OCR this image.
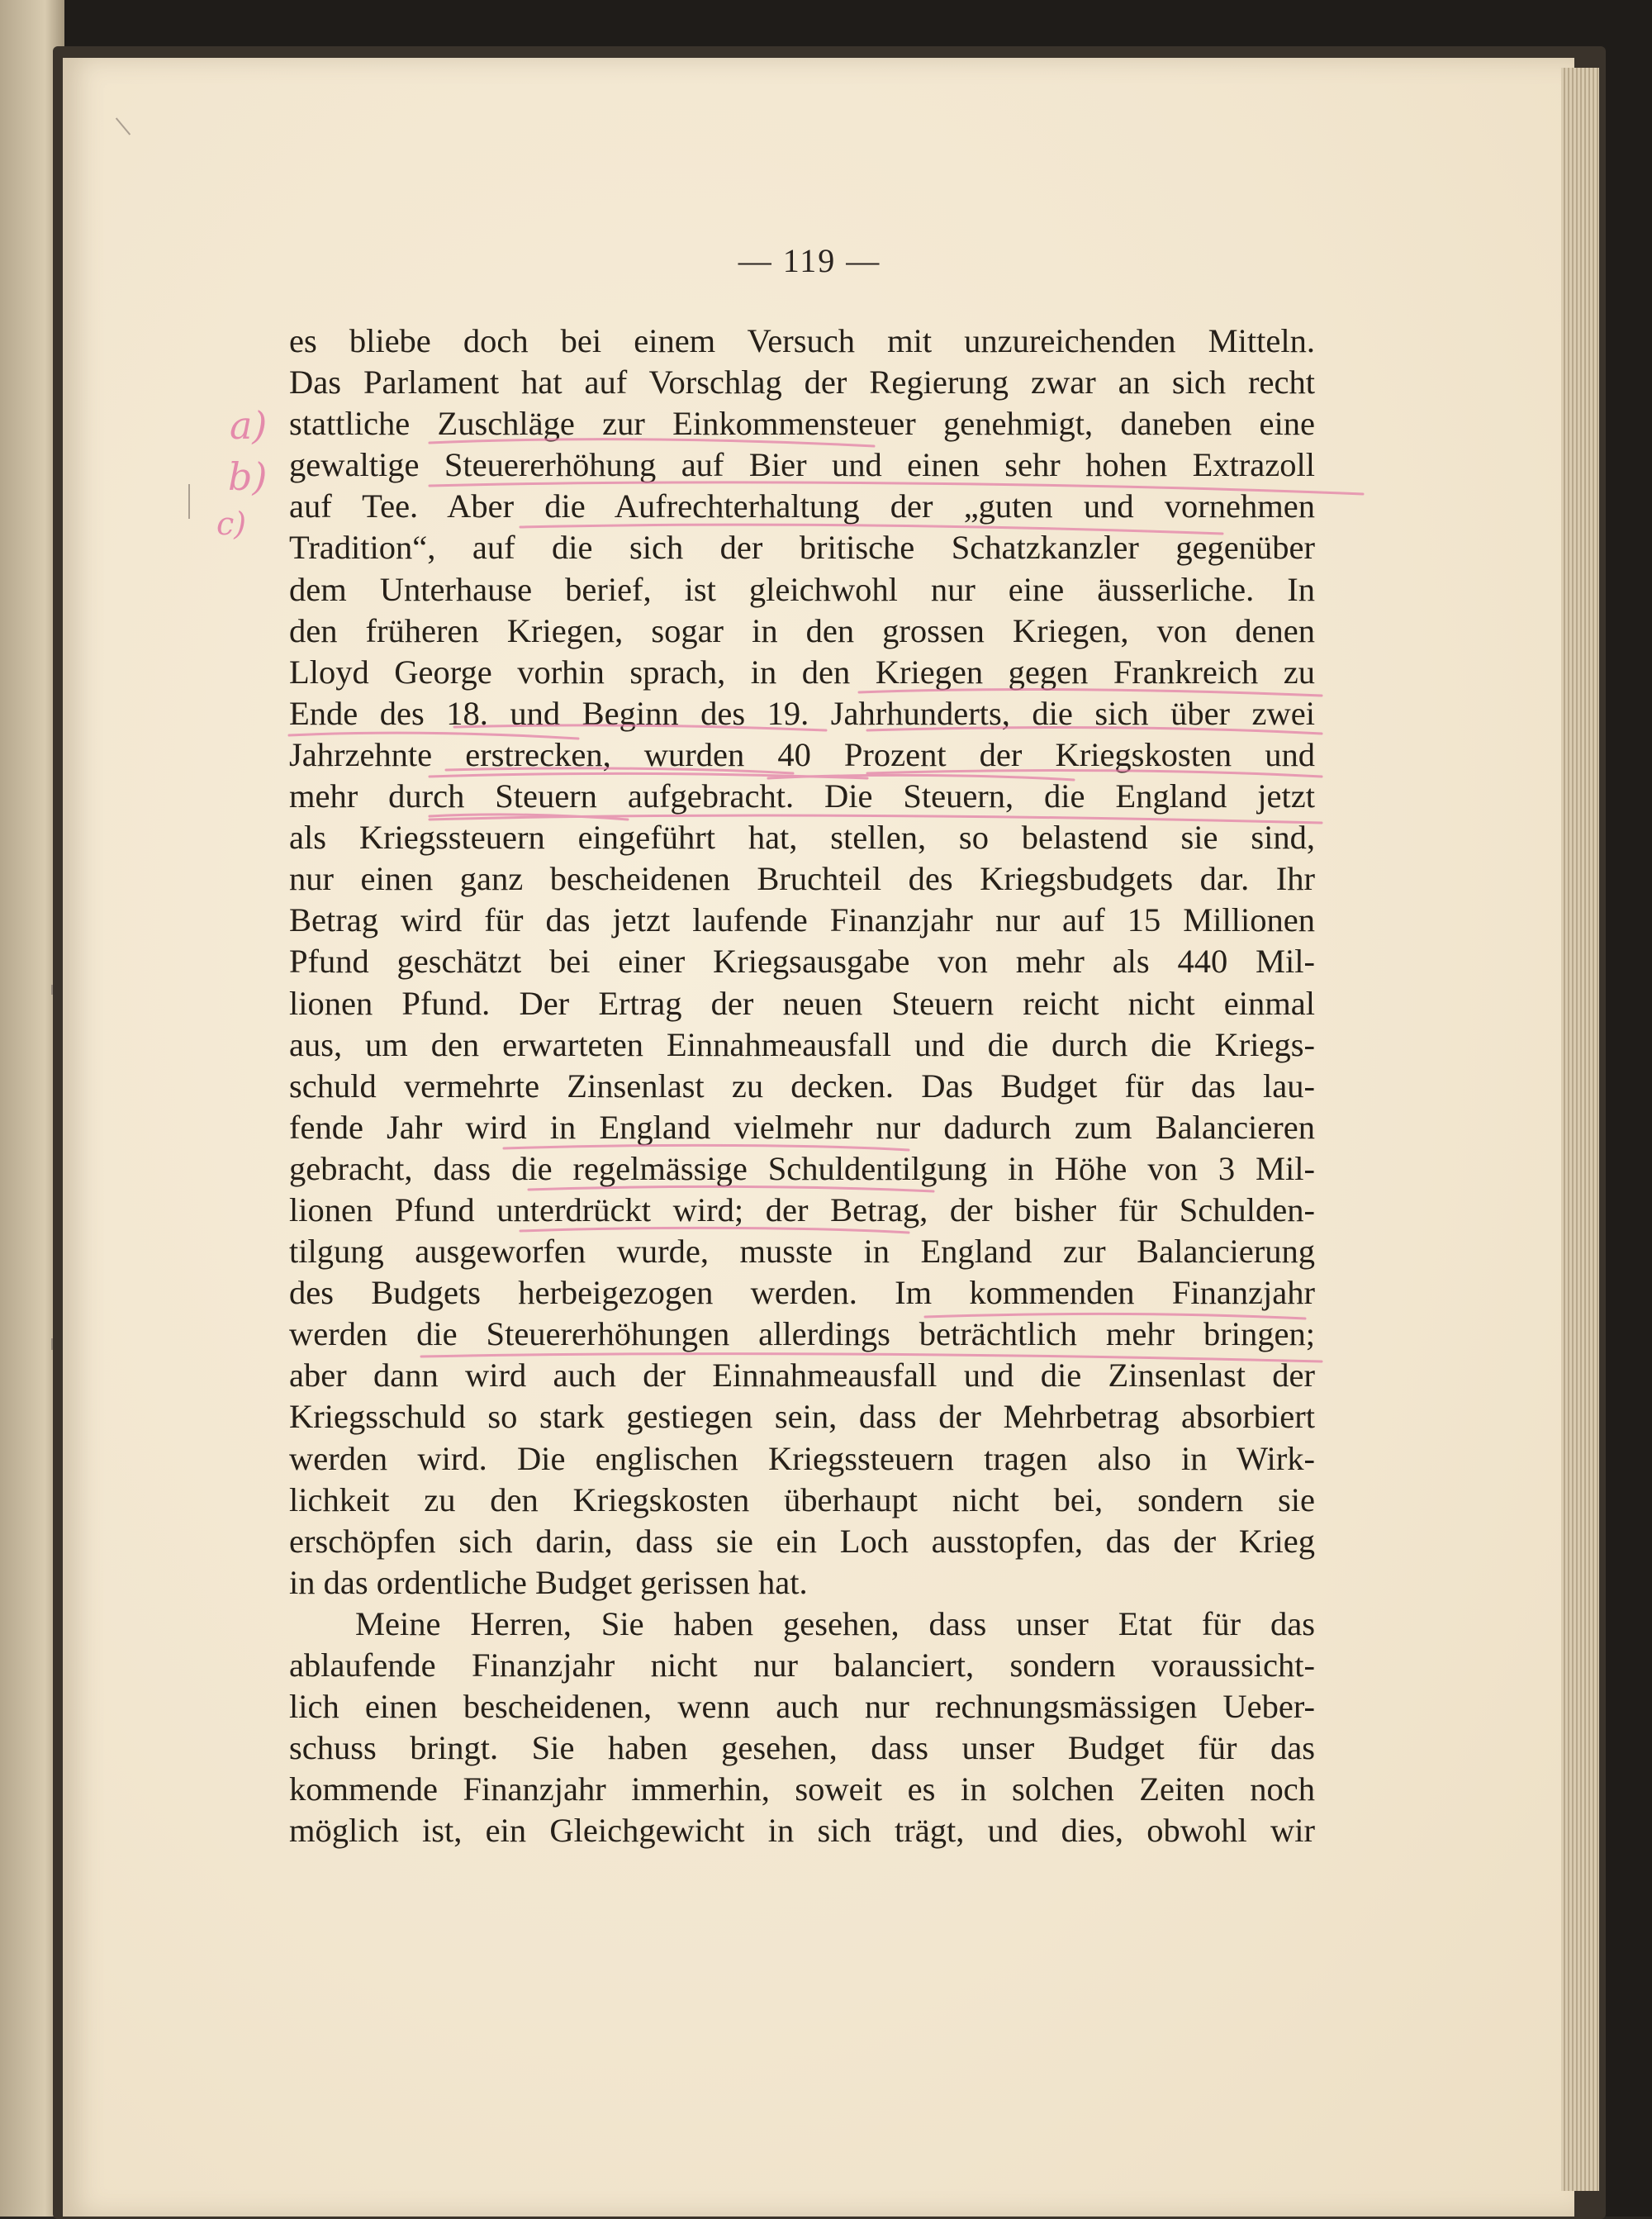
— 119 —
es bliebe doch bei einem Versuch mit unzureichenden Mitteln.
Das Parlament hat auf Vorschlag der Regierung zwar an sich recht
stattliche Zuschläge zur Einkommensteuer genehmigt, daneben eine
gewaltige Steuererhöhung auf Bier und einen sehr hohen Extrazoll
auf Tee. Aber die Aufrechterhaltung der „guten und vornehmen
Tradition“, auf die sich der britische Schatzkanzler gegenüber
dem Unterhause berief, ist gleichwohl nur eine äusserliche. In
den früheren Kriegen, sogar in den grossen Kriegen, von denen
Lloyd George vorhin sprach, in den Kriegen gegen Frankreich zu
Ende des 18. und Beginn des 19. Jahrhunderts, die sich über zwei
Jahrzehnte erstrecken, wurden 40 Prozent der Kriegskosten und
mehr durch Steuern aufgebracht. Die Steuern, die England jetzt
als Kriegssteuern eingeführt hat, stellen, so belastend sie sind,
nur einen ganz bescheidenen Bruchteil des Kriegsbudgets dar. Ihr
Betrag wird für das jetzt laufende Finanzjahr nur auf 15 Millionen
Pfund geschätzt bei einer Kriegsausgabe von mehr als 440 Mil-
lionen Pfund. Der Ertrag der neuen Steuern reicht nicht einmal
aus, um den erwarteten Einnahmeausfall und die durch die Kriegs-
schuld vermehrte Zinsenlast zu decken. Das Budget für das lau-
fende Jahr wird in England vielmehr nur dadurch zum Balancieren
gebracht, dass die regelmässige Schuldentilgung in Höhe von 3 Mil-
lionen Pfund unterdrückt wird; der Betrag, der bisher für Schulden-
tilgung ausgeworfen wurde, musste in England zur Balancierung
des Budgets herbeigezogen werden. Im kommenden Finanzjahr
werden die Steuererhöhungen allerdings beträchtlich mehr bringen;
aber dann wird auch der Einnahmeausfall und die Zinsenlast der
Kriegsschuld so stark gestiegen sein, dass der Mehrbetrag absorbiert
werden wird. Die englischen Kriegssteuern tragen also in Wirk-
lichkeit zu den Kriegskosten überhaupt nicht bei, sondern sie
erschöpfen sich darin, dass sie ein Loch ausstopfen, das der Krieg
in das ordentliche Budget gerissen hat.
Meine Herren, Sie haben gesehen, dass unser Etat für das
ablaufende Finanzjahr nicht nur balanciert, sondern voraussicht-
lich einen bescheidenen, wenn auch nur rechnungsmässigen Ueber-
schuss bringt. Sie haben gesehen, dass unser Budget für das
kommende Finanzjahr immerhin, soweit es in solchen Zeiten noch
möglich ist, ein Gleichgewicht in sich trägt, und dies, obwohl wir
a)
b)
c)
